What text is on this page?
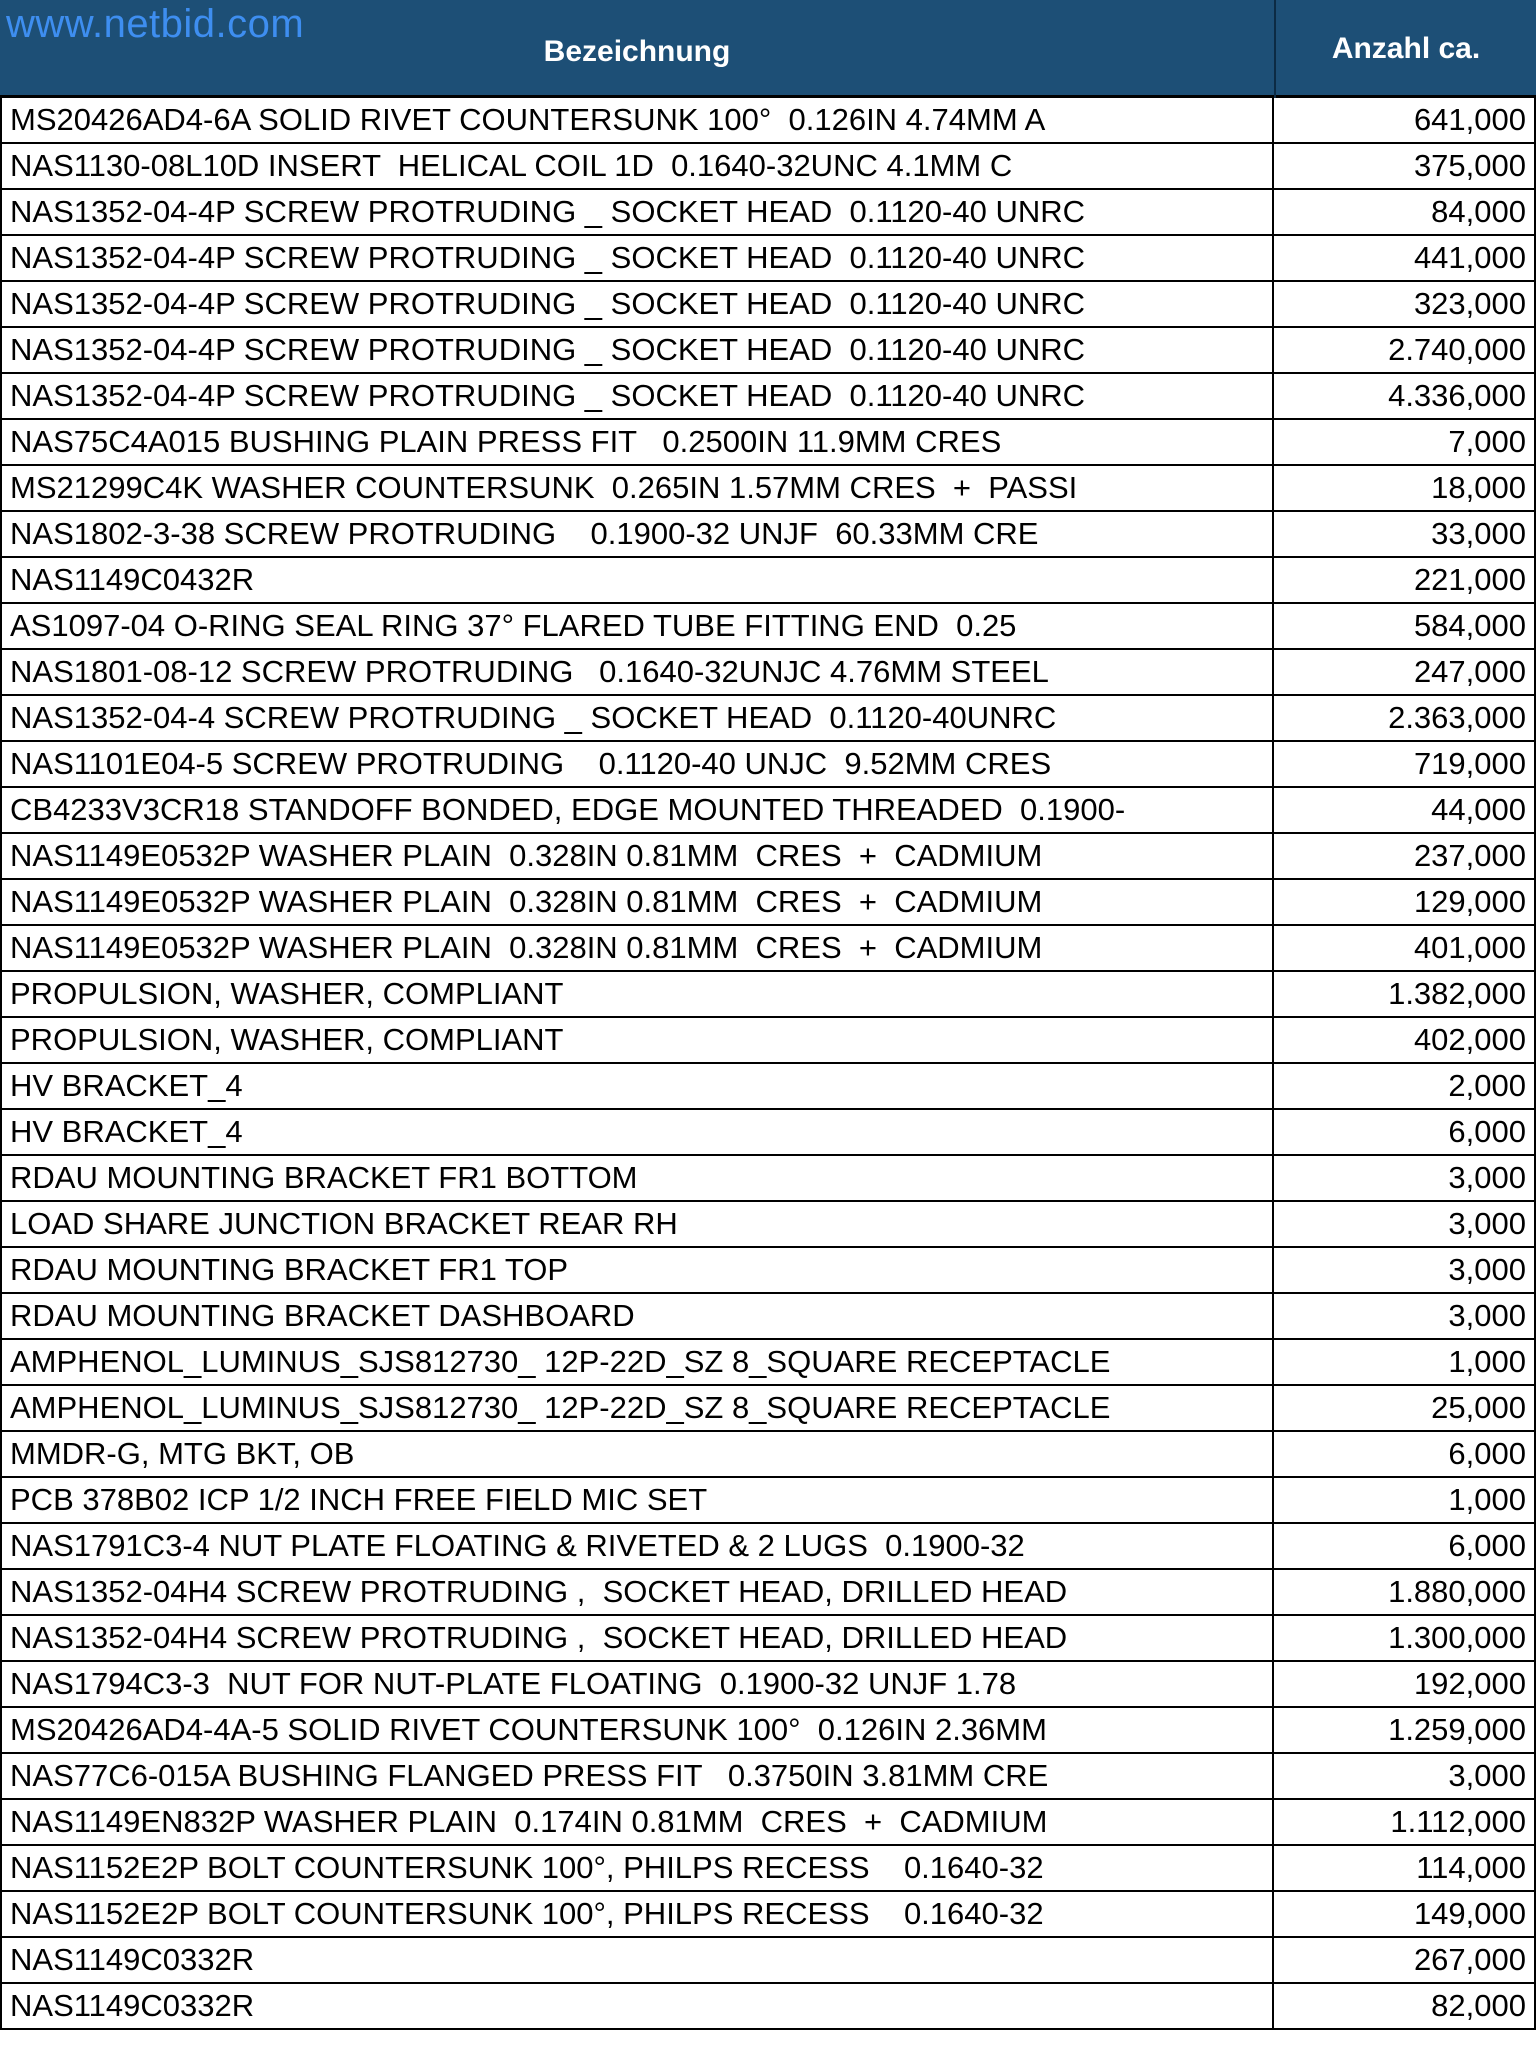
Bezeichnung	Anzahl ca.
www.netbid.com
MS20426AD4-6A SOLID RIVET COUNTERSUNK 100°  0.126IN 4.74MM A	641,000
NAS1130-08L10D INSERT  HELICAL COIL 1D  0.1640-32UNC 4.1MM C	375,000
NAS1352-04-4P SCREW PROTRUDING _ SOCKET HEAD  0.1120-40 UNRC	84,000
NAS1352-04-4P SCREW PROTRUDING _ SOCKET HEAD  0.1120-40 UNRC	441,000
NAS1352-04-4P SCREW PROTRUDING _ SOCKET HEAD  0.1120-40 UNRC	323,000
NAS1352-04-4P SCREW PROTRUDING _ SOCKET HEAD  0.1120-40 UNRC	2.740,000
NAS1352-04-4P SCREW PROTRUDING _ SOCKET HEAD  0.1120-40 UNRC	4.336,000
NAS75C4A015 BUSHING PLAIN PRESS FIT   0.2500IN 11.9MM CRES	7,000
MS21299C4K WASHER COUNTERSUNK  0.265IN 1.57MM CRES  +  PASSI	18,000
NAS1802-3-38 SCREW PROTRUDING    0.1900-32 UNJF  60.33MM CRE	33,000
NAS1149C0432R	221,000
AS1097-04 O-RING SEAL RING 37° FLARED TUBE FITTING END  0.25	584,000
NAS1801-08-12 SCREW PROTRUDING   0.1640-32UNJC 4.76MM STEEL	247,000
NAS1352-04-4 SCREW PROTRUDING _ SOCKET HEAD  0.1120-40UNRC	2.363,000
NAS1101E04-5 SCREW PROTRUDING    0.1120-40 UNJC  9.52MM CRES	719,000
CB4233V3CR18 STANDOFF BONDED, EDGE MOUNTED THREADED  0.1900-	44,000
NAS1149E0532P WASHER PLAIN  0.328IN 0.81MM  CRES  +  CADMIUM	237,000
NAS1149E0532P WASHER PLAIN  0.328IN 0.81MM  CRES  +  CADMIUM	129,000
NAS1149E0532P WASHER PLAIN  0.328IN 0.81MM  CRES  +  CADMIUM	401,000
PROPULSION, WASHER, COMPLIANT	1.382,000
PROPULSION, WASHER, COMPLIANT	402,000
HV BRACKET_4	2,000
HV BRACKET_4	6,000
RDAU MOUNTING BRACKET FR1 BOTTOM	3,000
LOAD SHARE JUNCTION BRACKET REAR RH	3,000
RDAU MOUNTING BRACKET FR1 TOP	3,000
RDAU MOUNTING BRACKET DASHBOARD	3,000
AMPHENOL_LUMINUS_SJS812730_ 12P-22D_SZ 8_SQUARE RECEPTACLE	1,000
AMPHENOL_LUMINUS_SJS812730_ 12P-22D_SZ 8_SQUARE RECEPTACLE	25,000
MMDR-G, MTG BKT, OB	6,000
PCB 378B02 ICP 1/2 INCH FREE FIELD MIC SET	1,000
NAS1791C3-4 NUT PLATE FLOATING & RIVETED & 2 LUGS  0.1900-32	6,000
NAS1352-04H4 SCREW PROTRUDING ,  SOCKET HEAD, DRILLED HEAD	1.880,000
NAS1352-04H4 SCREW PROTRUDING ,  SOCKET HEAD, DRILLED HEAD	1.300,000
NAS1794C3-3  NUT FOR NUT-PLATE FLOATING  0.1900-32 UNJF 1.78	192,000
MS20426AD4-4A-5 SOLID RIVET COUNTERSUNK 100°  0.126IN 2.36MM	1.259,000
NAS77C6-015A BUSHING FLANGED PRESS FIT   0.3750IN 3.81MM CRE	3,000
NAS1149EN832P WASHER PLAIN  0.174IN 0.81MM  CRES  +  CADMIUM	1.112,000
NAS1152E2P BOLT COUNTERSUNK 100°, PHILPS RECESS    0.1640-32	114,000
NAS1152E2P BOLT COUNTERSUNK 100°, PHILPS RECESS    0.1640-32	149,000
NAS1149C0332R	267,000
NAS1149C0332R	82,000
